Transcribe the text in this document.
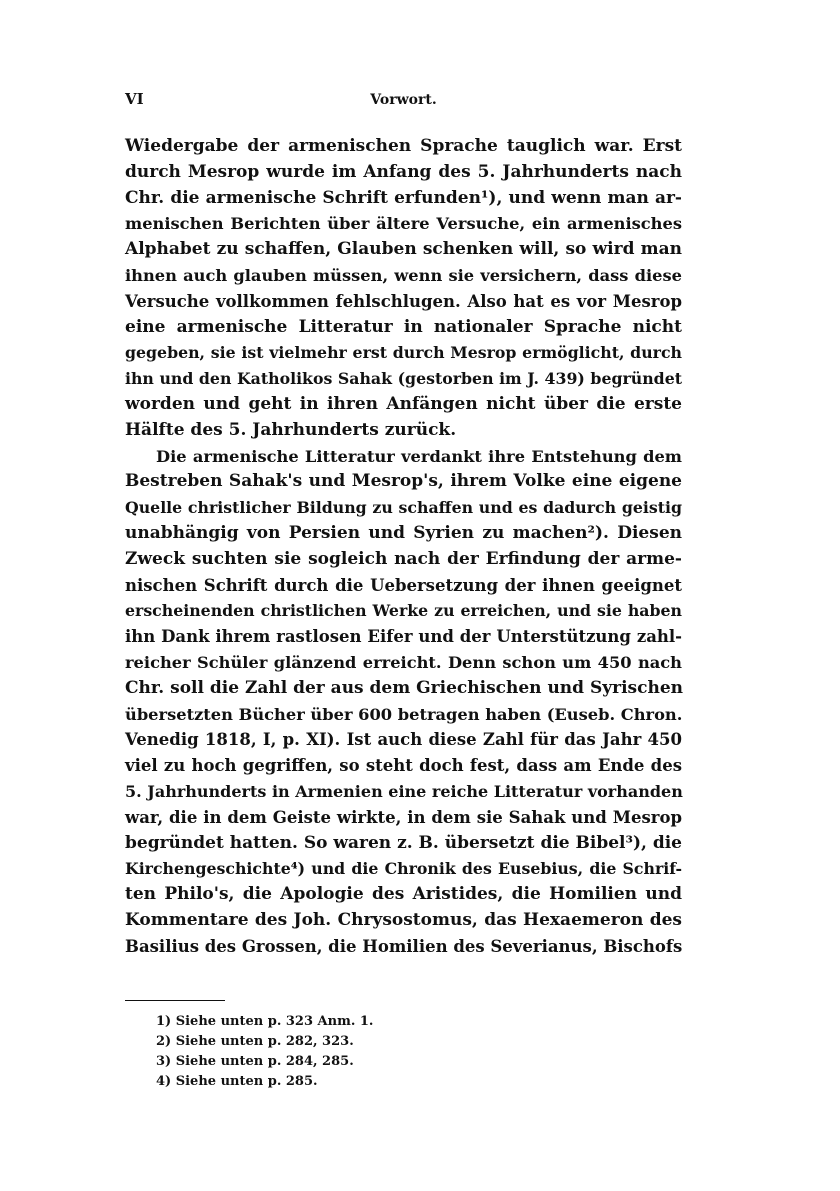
VI	Vorwort.
Wiedergabe der armenischen Sprache tauglich war. Erst
durch Mesrop wurde im Anfang des 5. Jahrhunderts nach
Chr. die armenische Schrift erfunden¹), und wenn man ar-
menischen Berichten über ältere Versuche, ein armenisches
Alphabet zu schaffen, Glauben schenken will, so wird man
ihnen auch glauben müssen, wenn sie versichern, dass diese
Versuche vollkommen fehlschlugen. Also hat es vor Mesrop
eine armenische Litteratur in nationaler Sprache nicht
gegeben, sie ist vielmehr erst durch Mesrop ermöglicht, durch
ihn und den Katholikos Sahak (gestorben im J. 439) begründet
worden und geht in ihren Anfängen nicht über die erste
Hälfte des 5. Jahrhunderts zurück.
Die armenische Litteratur verdankt ihre Entstehung dem
Bestreben Sahak's und Mesrop's, ihrem Volke eine eigene
Quelle christlicher Bildung zu schaffen und es dadurch geistig
unabhängig von Persien und Syrien zu machen²). Diesen
Zweck suchten sie sogleich nach der Erfindung der arme-
nischen Schrift durch die Uebersetzung der ihnen geeignet
erscheinenden christlichen Werke zu erreichen, und sie haben
ihn Dank ihrem rastlosen Eifer und der Unterstützung zahl-
reicher Schüler glänzend erreicht. Denn schon um 450 nach
Chr. soll die Zahl der aus dem Griechischen und Syrischen
übersetzten Bücher über 600 betragen haben (Euseb. Chron.
Venedig 1818, I, p. XI). Ist auch diese Zahl für das Jahr 450
viel zu hoch gegriffen, so steht doch fest, dass am Ende des
5. Jahrhunderts in Armenien eine reiche Litteratur vorhanden
war, die in dem Geiste wirkte, in dem sie Sahak und Mesrop
begründet hatten. So waren z. B. übersetzt die Bibel³), die
Kirchengeschichte⁴) und die Chronik des Eusebius, die Schrif-
ten Philo's, die Apologie des Aristides, die Homilien und
Kommentare des Joh. Chrysostomus, das Hexaemeron des
Basilius des Grossen, die Homilien des Severianus, Bischofs
1) Siehe unten p. 323 Anm. 1.
2) Siehe unten p. 282, 323.
3) Siehe unten p. 284, 285.
4) Siehe unten p. 285.
